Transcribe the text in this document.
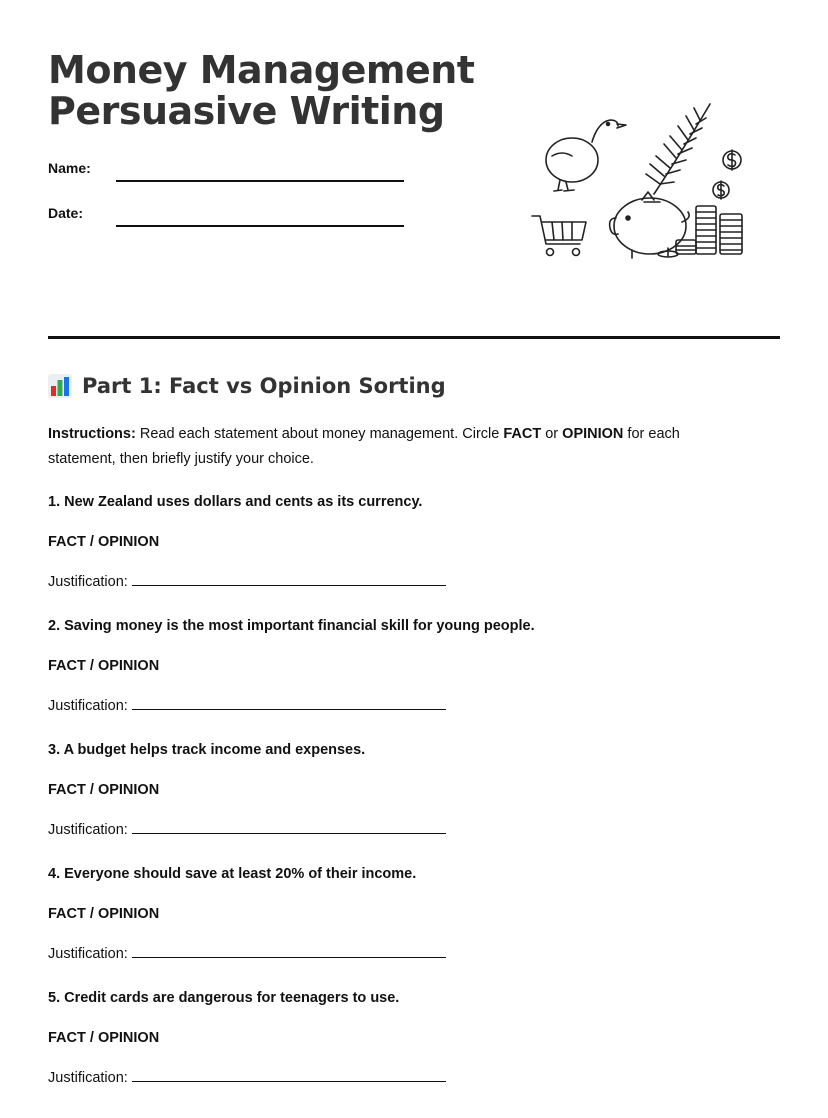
Money Management
Persuasive Writing
Name:
Date:
Part 1: Fact vs Opinion Sorting

Instructions: Read each statement about money management. Circle FACT or OPINION for each statement, then briefly justify your choice.

1. New Zealand uses dollars and cents as its currency.
FACT / OPINION
Justification:
2. Saving money is the most important financial skill for young people.
FACT / OPINION
Justification:
3. A budget helps track income and expenses.
FACT / OPINION
Justification:
4. Everyone should save at least 20% of their income.
FACT / OPINION
Justification:
5. Credit cards are dangerous for teenagers to use.
FACT / OPINION
Justification:
